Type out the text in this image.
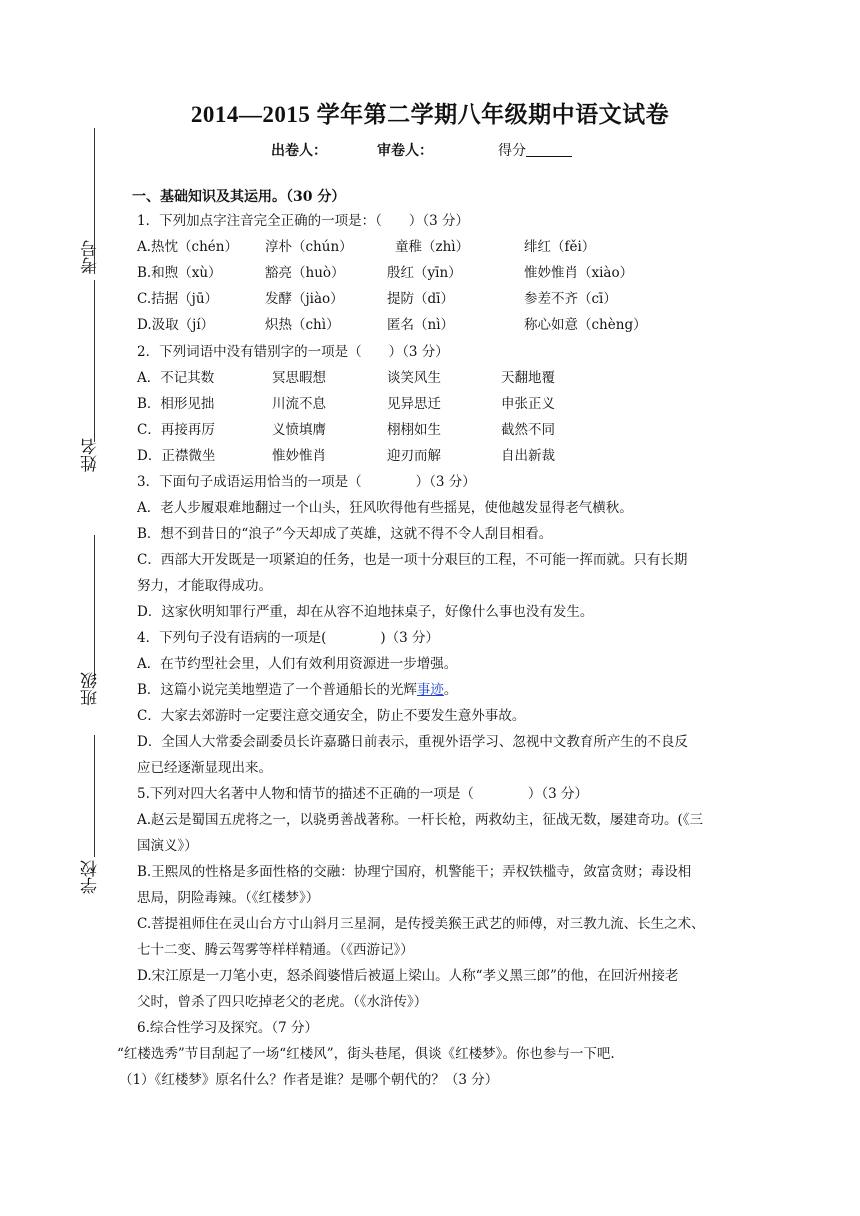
考号
姓名
班级
学校
2014—2015 学年第二学期八年级期中语文试卷
出卷人：	审卷人：	得分
一、基础知识及其运用。（30 分）
1．下列加点字注音完全正确的一项是：（　　）（3 分）
A.热忱（chén） 淳朴（chún）	童稚（zhì）	绯红（fěi）
B.和煦（xù）	豁亮（huò）	殷红（yīn）	惟妙惟肖（xiào）
C.拮据（jū）	发酵（jiào）	提防（dī）	参差不齐（cī）
D.汲取（jí）	炽热（chì）	匿名（nì）	称心如意（chèng）
2．下列词语中没有错别字的一项是（　　）（3 分）
A．不记其数	冥思暇想	谈笑风生	天翻地覆
B．相形见拙	川流不息	见异思迁	申张正义
C．再接再厉	义愤填膺	栩栩如生	截然不同
D．正襟微坐	惟妙惟肖	迎刃而解	自出新裁
3．下面句子成语运用恰当的一项是（　　　　）（3 分）
A．老人步履艰难地翻过一个山头，狂风吹得他有些摇晃，使他越发显得老气横秋。
B．想不到昔日的“浪子”今天却成了英雄，这就不得不令人刮目相看。
C．西部大开发既是一项紧迫的任务，也是一项十分艰巨的工程，不可能一挥而就。只有长期
努力，才能取得成功。
D．这家伙明知罪行严重，却在从容不迫地抹桌子，好像什么事也没有发生。
4．下列句子没有语病的一项是(　　　　)（3 分）
A．在节约型社会里，人们有效利用资源进一步增强。
B．这篇小说完美地塑造了一个普通船长的光辉事迹。
C．大家去郊游时一定要注意交通安全，防止不要发生意外事故。
D．全国人大常委会副委员长许嘉璐日前表示，重视外语学习、忽视中文教育所产生的不良反
应已经逐渐显现出来。
5.下列对四大名著中人物和情节的描述不正确的一项是（　　　　）（3 分）
A.赵云是蜀国五虎将之一，以骁勇善战著称。一杆长枪，两救幼主，征战无数，屡建奇功。(《三
国演义》）
B.王熙凤的性格是多面性格的交融：协理宁国府，机警能干；弄权铁槛寺，敛富贪财；毒设相
思局，阴险毒辣。（《红楼梦》）
C.菩提祖师住在灵山台方寸山斜月三星洞，是传授美猴王武艺的师傅，对三教九流、长生之术、
七十二变、腾云驾雾等样样精通。（《西游记》）
D.宋江原是一刀笔小吏，怒杀阎婆惜后被逼上梁山。人称“孝义黑三郎”的他，在回沂州接老
父时，曾杀了四只吃掉老父的老虎。（《水浒传》）
6.综合性学习及探究。（7 分）
“红楼选秀”节目刮起了一场“红楼风”，街头巷尾，俱谈《红楼梦》。你也参与一下吧.
（1）《红楼梦》原名什么？作者是谁？是哪个朝代的？（3 分）
